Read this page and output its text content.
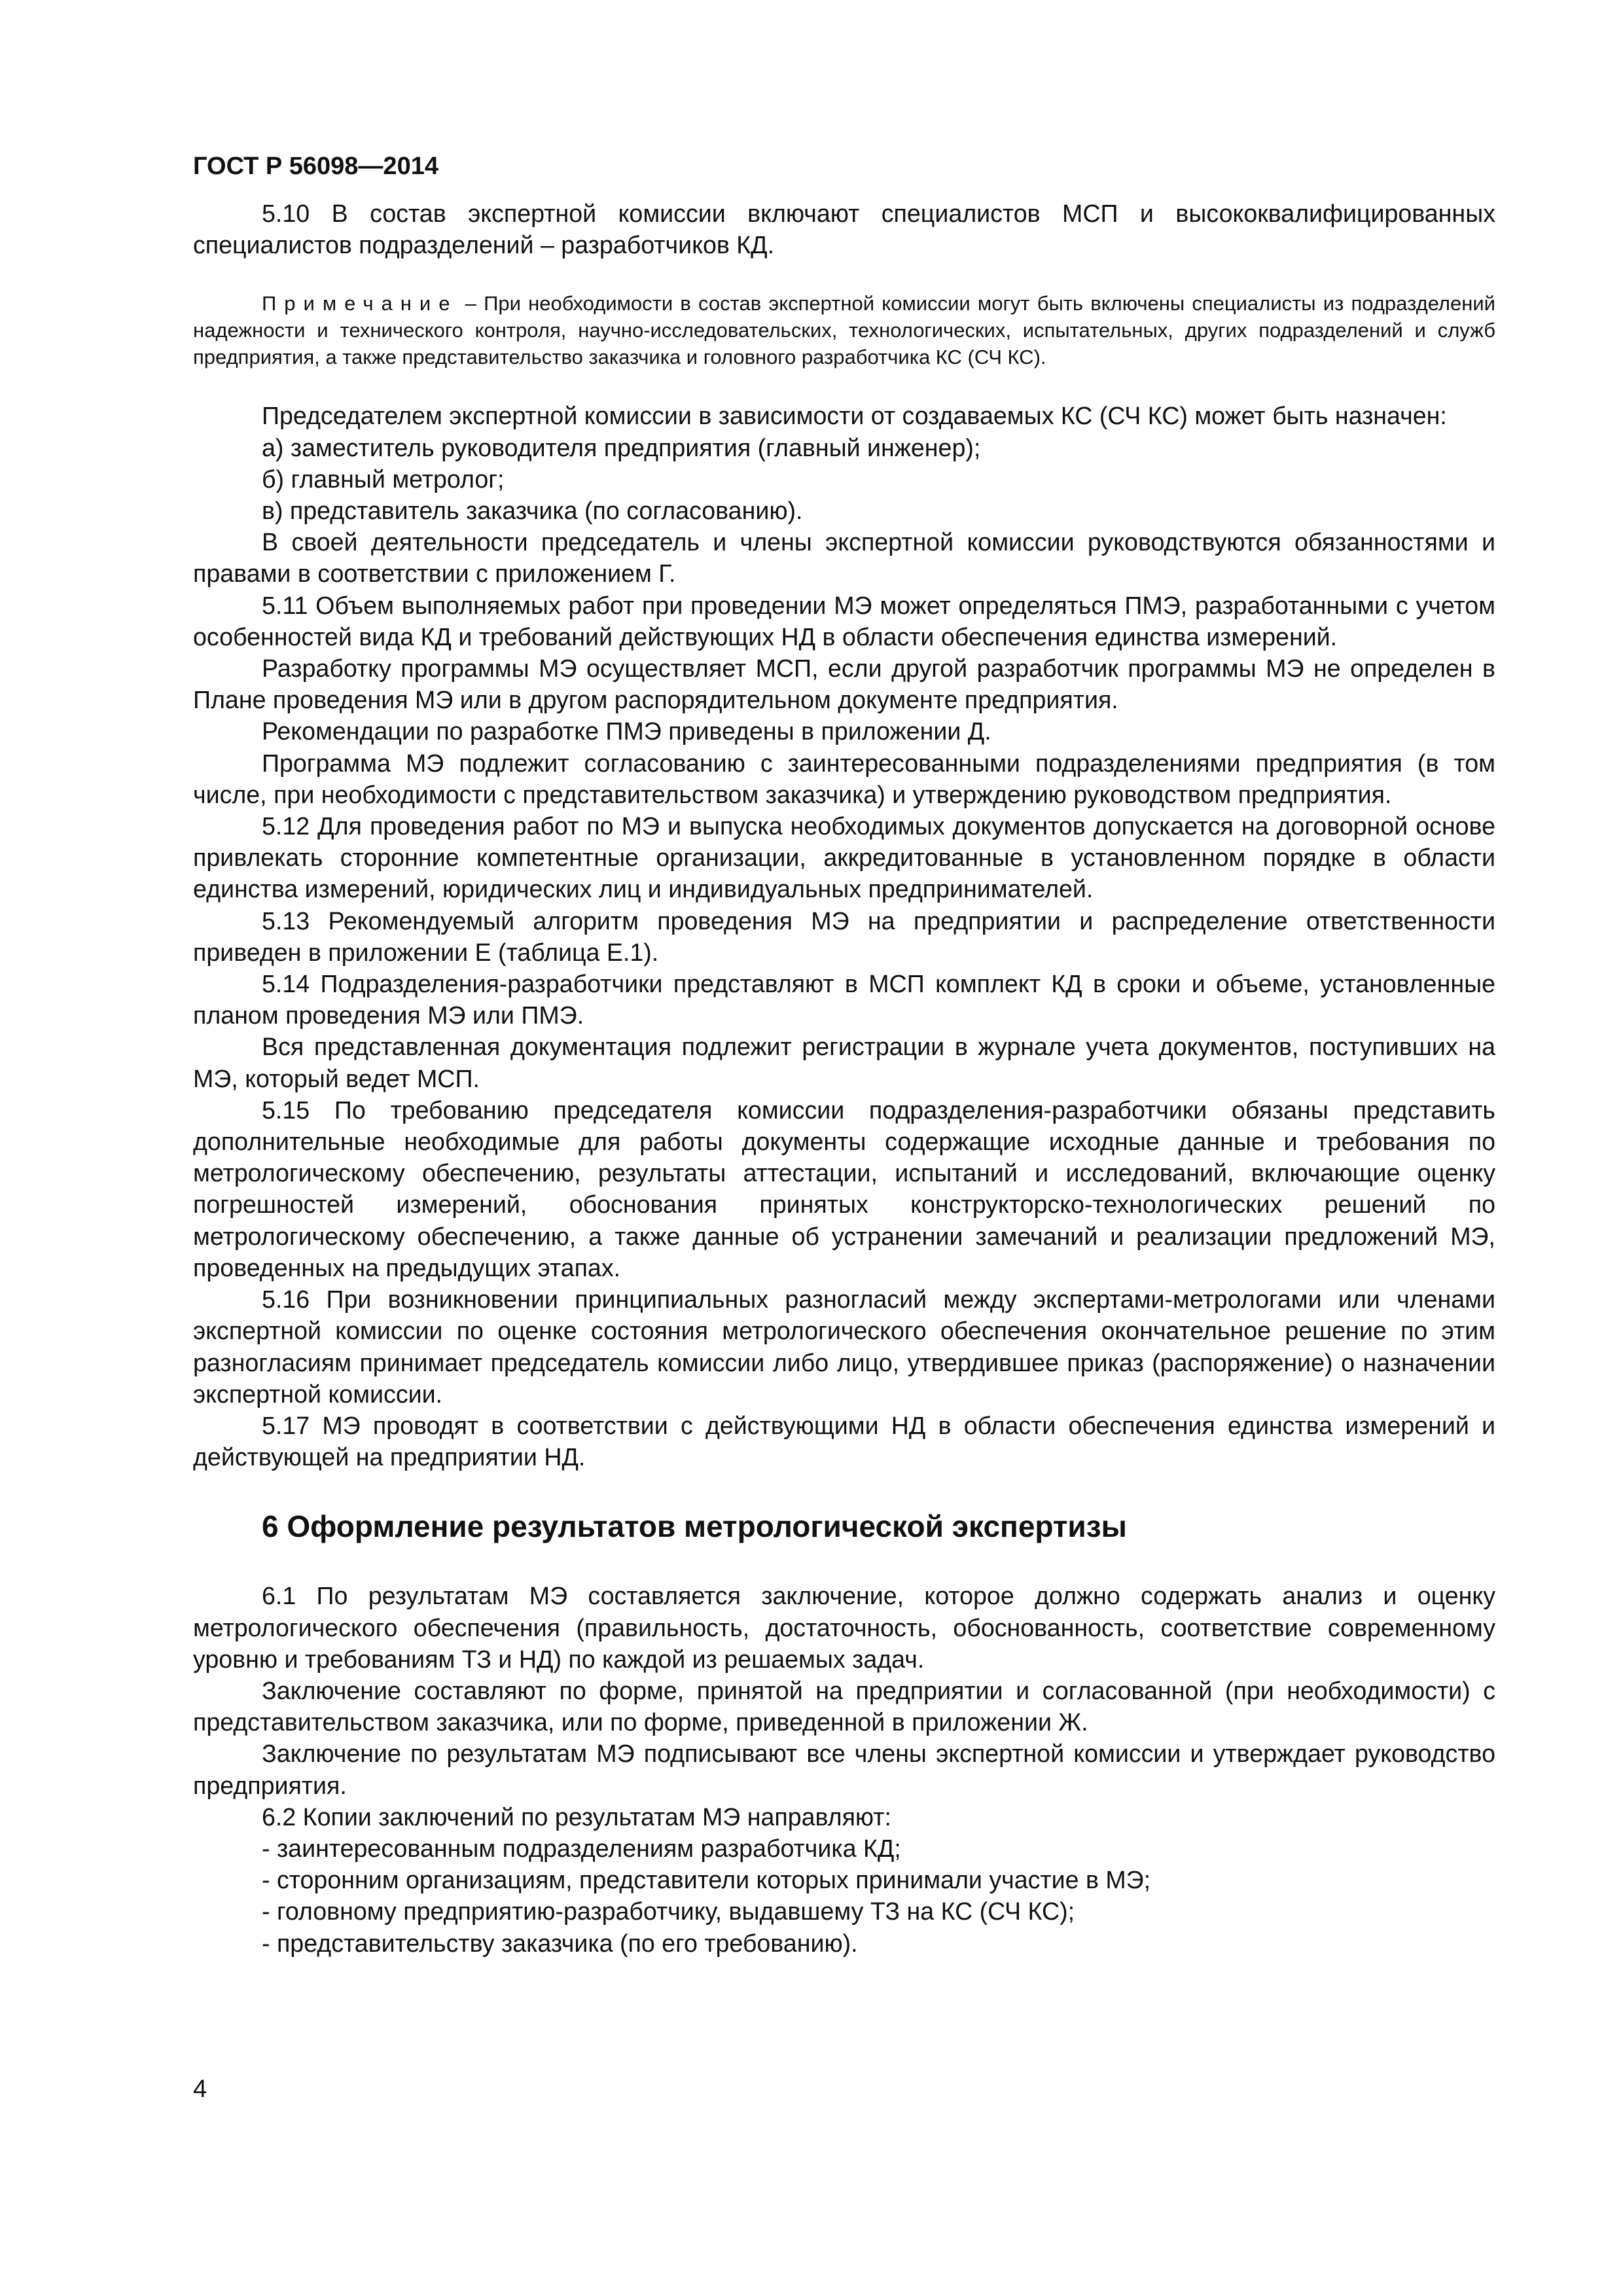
ГОСТ Р 56098—2014

5.10 В состав экспертной комиссии включают специалистов МСП и высококвалифицированных специалистов подразделений – разработчиков КД.

Примечание – При необходимости в состав экспертной комиссии могут быть включены специалисты из подразделений надежности и технического контроля, научно-исследовательских, технологических, испытательных, других подразделений и служб предприятия, а также представительство заказчика и головного разработчика КС (СЧ КС).

Председателем экспертной комиссии в зависимости от создаваемых КС (СЧ КС) может быть назначен:

а) заместитель руководителя предприятия (главный инженер);

б) главный метролог;

в) представитель заказчика (по согласованию).

В своей деятельности председатель и члены экспертной комиссии руководствуются обязанностями и правами в соответствии с приложением Г.

5.11 Объем выполняемых работ при проведении МЭ может определяться ПМЭ, разработанными с учетом особенностей вида КД и требований действующих НД в области обеспечения единства измерений.

Разработку программы МЭ осуществляет МСП, если другой разработчик программы МЭ не определен в Плане проведения МЭ или в другом распорядительном документе предприятия.

Рекомендации по разработке ПМЭ приведены в приложении Д.

Программа МЭ подлежит согласованию с заинтересованными подразделениями предприятия (в том числе, при необходимости с представительством заказчика) и утверждению руководством предприятия.

5.12 Для проведения работ по МЭ и выпуска необходимых документов допускается на договорной основе привлекать сторонние компетентные организации, аккредитованные в установленном порядке в области единства измерений, юридических лиц и индивидуальных предпринимателей.

5.13 Рекомендуемый алгоритм проведения МЭ на предприятии и распределение ответственности приведен в приложении Е (таблица Е.1).

5.14 Подразделения-разработчики представляют в МСП комплект КД в сроки и объеме, установленные планом проведения МЭ или ПМЭ.

Вся представленная документация подлежит регистрации в журнале учета документов, поступивших на МЭ, который ведет МСП.

5.15 По требованию председателя комиссии подразделения-разработчики обязаны представить дополнительные необходимые для работы документы содержащие исходные данные и требования по метрологическому обеспечению, результаты аттестации, испытаний и исследований, включающие оценку погрешностей измерений, обоснования принятых конструкторско-технологических решений по метрологическому обеспечению, а также данные об устранении замечаний и реализации предложений МЭ, проведенных на предыдущих этапах.

5.16 При возникновении принципиальных разногласий между экспертами-метрологами или членами экспертной комиссии по оценке состояния метрологического обеспечения окончательное решение по этим разногласиям принимает председатель комиссии либо лицо, утвердившее приказ (распоряжение) о назначении экспертной комиссии.

5.17 МЭ проводят в соответствии с действующими НД в области обеспечения единства измерений и действующей на предприятии НД.

6 Оформление результатов метрологической экспертизы

6.1 По результатам МЭ составляется заключение, которое должно содержать анализ и оценку метрологического обеспечения (правильность, достаточность, обоснованность, соответствие современному уровню и требованиям ТЗ и НД) по каждой из решаемых задач.

Заключение составляют по форме, принятой на предприятии и согласованной (при необходимости) с представительством заказчика, или по форме, приведенной в приложении Ж.

Заключение по результатам МЭ подписывают все члены экспертной комиссии и утверждает руководство предприятия.

6.2 Копии заключений по результатам МЭ направляют:

- заинтересованным подразделениям разработчика КД;

- сторонним организациям, представители которых принимали участие в МЭ;

- головному предприятию-разработчику, выдавшему ТЗ на КС (СЧ КС);

- представительству заказчика (по его требованию).

4
